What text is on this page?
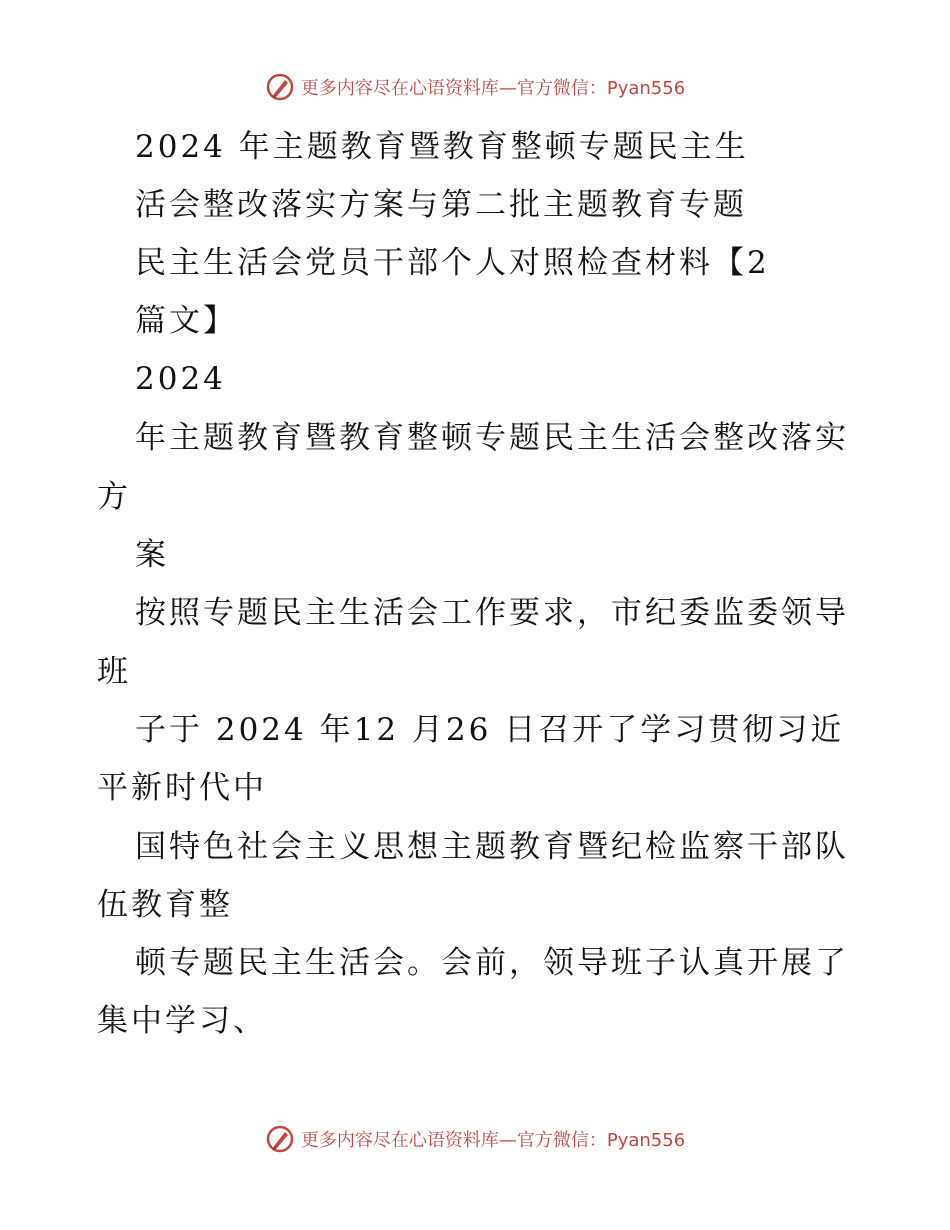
更多内容尽在心语资料库—官方微信：Pyan556
2024 年主题教育暨教育整顿专题民主生
活会整改落实方案与第二批主题教育专题
民主生活会党员干部个人对照检查材料【2
篇文】
2024
年主题教育暨教育整顿专题民主生活会整改落实
方
案
按照专题民主生活会工作要求，市纪委监委领导
班
子于 2024 年12 月26 日召开了学习贯彻习近
平新时代中
国特色社会主义思想主题教育暨纪检监察干部队
伍教育整
顿专题民主生活会。会前，领导班子认真开展了
集中学习、
更多内容尽在心语资料库—官方微信：Pyan556
